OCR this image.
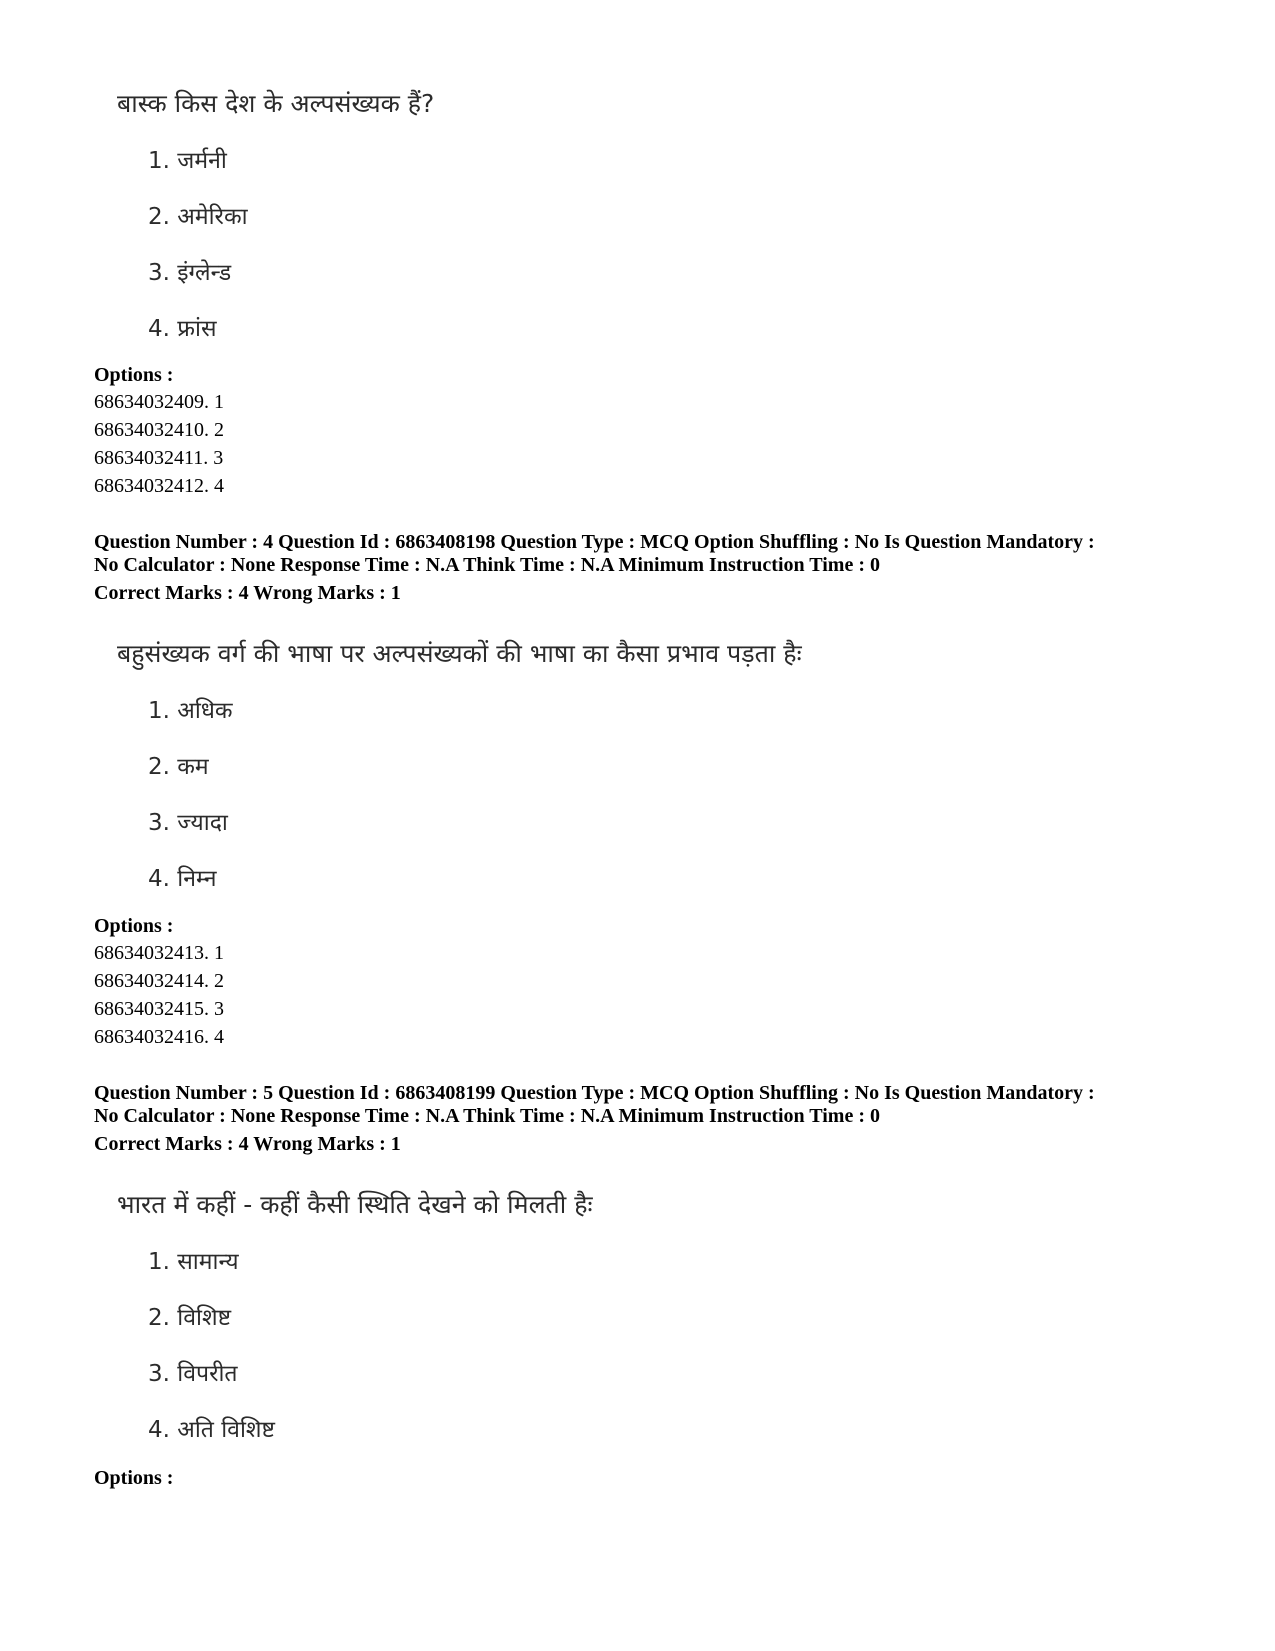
बास्क किस देश के अल्पसंख्यक हैं?
1. जर्मनी
2. अमेरिका
3. इंग्लेन्ड
4. फ्रांस
Options :
68634032409. 1
68634032410. 2
68634032411. 3
68634032412. 4
Question Number : 4 Question Id : 6863408198 Question Type : MCQ Option Shuffling : No Is Question Mandatory :
No Calculator : None Response Time : N.A Think Time : N.A Minimum Instruction Time : 0
Correct Marks : 4 Wrong Marks : 1
बहुसंख्यक वर्ग की भाषा पर अल्पसंख्यकों की भाषा का कैसा प्रभाव पड़ता हैः
1. अधिक
2. कम
3. ज्यादा
4. निम्न
Options :
68634032413. 1
68634032414. 2
68634032415. 3
68634032416. 4
Question Number : 5 Question Id : 6863408199 Question Type : MCQ Option Shuffling : No Is Question Mandatory :
No Calculator : None Response Time : N.A Think Time : N.A Minimum Instruction Time : 0
Correct Marks : 4 Wrong Marks : 1
भारत में कहीं - कहीं कैसी स्थिति देखने को मिलती हैः
1. सामान्य
2. विशिष्ट
3. विपरीत
4. अति विशिष्ट
Options :
